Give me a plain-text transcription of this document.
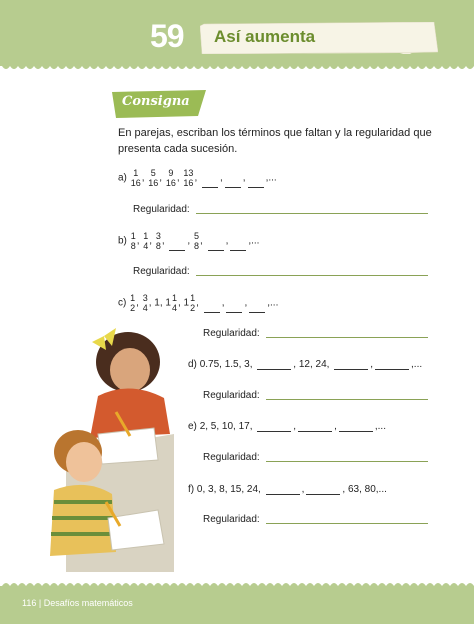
59 Así aumenta
Consigna
En parejas, escriban los términos que faltan y la regularidad que presenta cada sucesión.
a) 1
16 , 5
16 , 9
16 , 13
16 , , , ,...
Regularidad:
b) 1
8 , 1
4 , 3
8 , , 5
8 , , ,...
Regularidad:
c) 1
2 , 3
4 , 1, 1 1
4 , 1 1
2 , , , ,...
Regularidad:
d) 0.75, 1.5, 3,	, 12, 24,	,	,...
Regularidad:
e) 2, 5, 10, 17,	,	,	,...
Regularidad:
f) 0, 3, 8, 15, 24,	,	, 63, 80,...
Regularidad:
116 | Desafíos matemáticos
